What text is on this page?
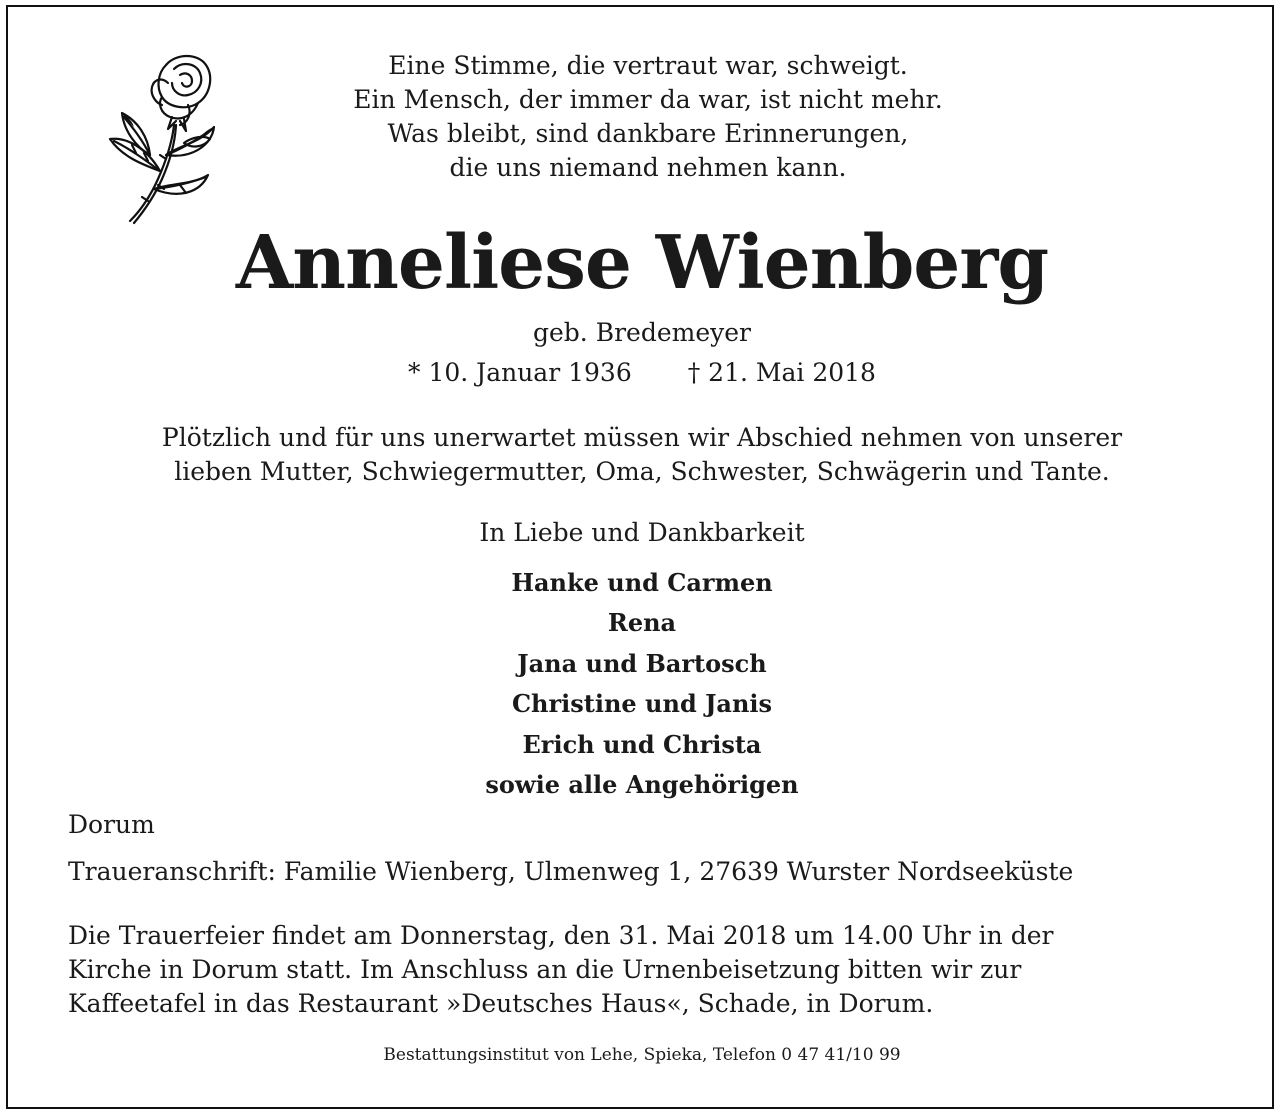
Eine Stimme, die vertraut war, schweigt.
Ein Mensch, der immer da war, ist nicht mehr.
Was bleibt, sind dankbare Erinnerungen,
die uns niemand nehmen kann.
Anneliese Wienberg
geb. Bredemeyer
* 10. Januar 1936 † 21. Mai 2018
Plötzlich und für uns unerwartet müssen wir Abschied nehmen von unserer
lieben Mutter, Schwiegermutter, Oma, Schwester, Schwägerin und Tante.
In Liebe und Dankbarkeit
Hanke und Carmen
Rena
Jana und Bartosch
Christine und Janis
Erich und Christa
sowie alle Angehörigen
Dorum
Traueranschrift: Familie Wienberg, Ulmenweg 1, 27639 Wurster Nordseeküste
Die Trauerfeier findet am Donnerstag, den 31. Mai 2018 um 14.00 Uhr in der
Kirche in Dorum statt. Im Anschluss an die Urnenbeisetzung bitten wir zur
Kaffeetafel in das Restaurant »Deutsches Haus«, Schade, in Dorum.
Bestattungsinstitut von Lehe, Spieka, Telefon 0 47 41/10 99
